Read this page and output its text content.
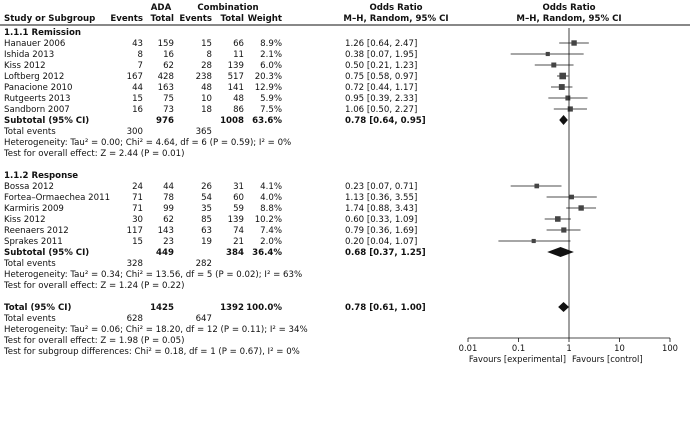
ADA	Combination	Odds Ratio	Odds Ratio
Study or Subgroup Events Total Events Total Weight	M–H, Random, 95% CI	M–H, Random, 95% CI
1.1.1 Remission
Hanauer 2006	43 159	15 66 8.9%	1.26 [0.64, 2.47]
Ishida 2013	8 16	8 11 2.1%	0.38 [0.07, 1.95]
Kiss 2012	7 62	28 139 6.0%	0.50 [0.21, 1.23]
Loftberg 2012	167 428	238 517 20.3%	0.75 [0.58, 0.97]
Panacione 2010	44 163	48 141 12.9%	0.72 [0.44, 1.17]
Rutgeerts 2013	15 75	10 48 5.9%	0.95 [0.39, 2.33]
Sandborn 2007	16 73	18 86 7.5%	1.06 [0.50, 2.27]
Subtotal (95% CI)	976	1008 63.6%	0.78 [0.64, 0.95]
Total events	300	365
Heterogeneity: Tau² = 0.00; Chi² = 4.64, df = 6 (P = 0.59); I² = 0%
Test for overall effect: Z = 2.44 (P = 0.01)
1.1.2 Response
Bossa 2012	24 44	26 31 4.1%	0.23 [0.07, 0.71]
Fortea–Ormaechea 2011	71 78	54 60 4.0%	1.13 [0.36, 3.55]
Karmiris 2009	71 99	35 59 8.8%	1.74 [0.88, 3.43]
Kiss 2012	30 62	85 139 10.2%	0.60 [0.33, 1.09]
Reenaers 2012	117 143	63 74 7.4%	0.79 [0.36, 1.69]
Sprakes 2011	15 23	19 21 2.0%	0.20 [0.04, 1.07]
Subtotal (95% CI)	449	384 36.4%	0.68 [0.37, 1.25]
Total events	328	282
Heterogeneity: Tau² = 0.34; Chi² = 13.56, df = 5 (P = 0.02); I² = 63%
Test for overall effect: Z = 1.24 (P = 0.22)
Total (95% CI)	1425	1392 100.0%	0.78 [0.61, 1.00]
Total events	628	647
Heterogeneity: Tau² = 0.06; Chi² = 18.20, df = 12 (P = 0.11); I² = 34%
Test for overall effect: Z = 1.98 (P = 0.05)
Test for subgroup differences: Chi² = 0.18, df = 1 (P = 0.67), I² = 0%	0.01	0.1	1	10	100
Favours [experimental] Favours [control]
